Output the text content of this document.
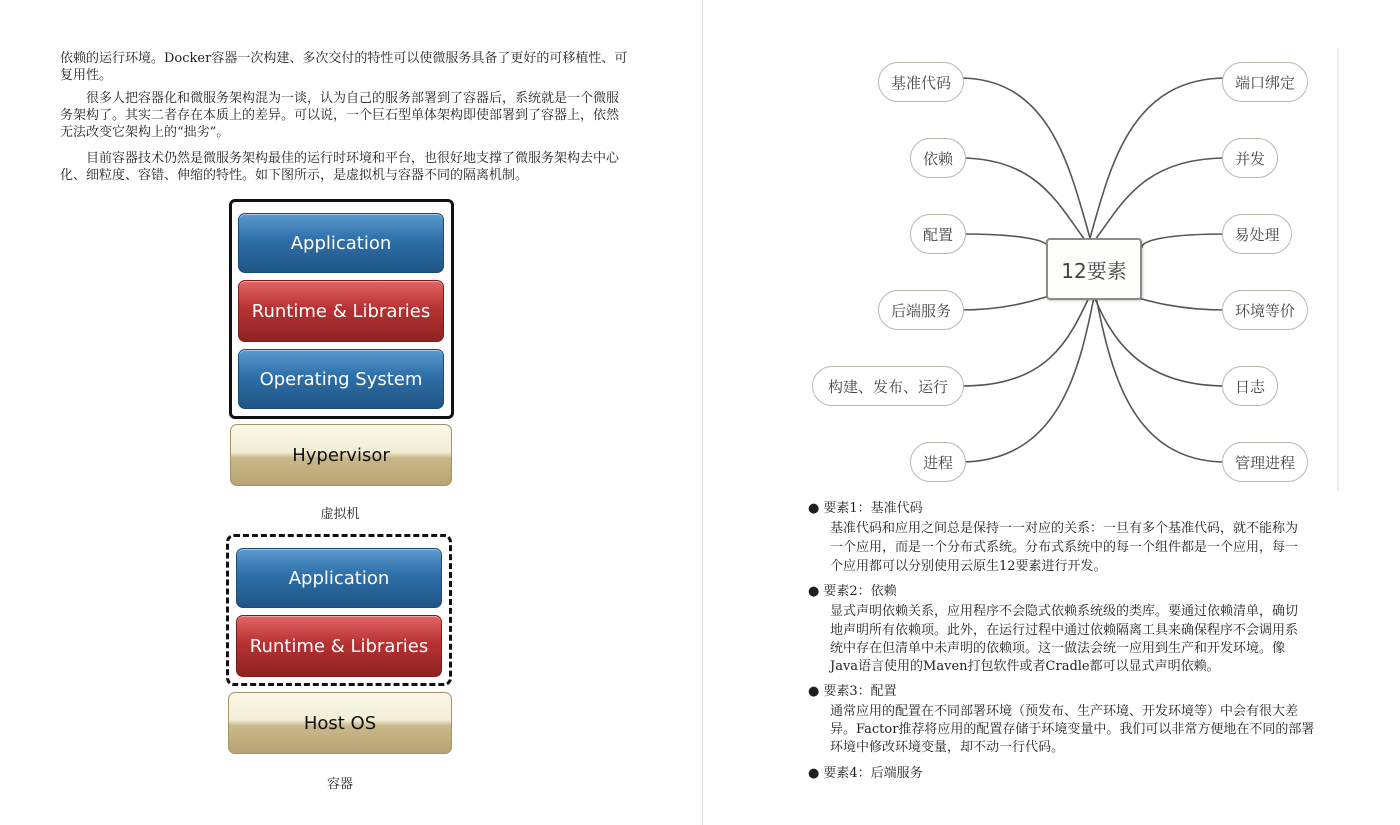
依赖的运行环境。Docker容器一次构建、多次交付的特性可以使微服务具备了更好的可移植性、可复用性。

很多人把容器化和微服务架构混为一谈，认为自己的服务部署到了容器后，系统就是一个微服务架构了。其实二者存在本质上的差异。可以说，一个巨石型单体架构即使部署到了容器上，依然无法改变它架构上的“拙劣”。

目前容器技术仍然是微服务架构最佳的运行时环境和平台，也很好地支撑了微服务架构去中心化、细粒度、容错、伸缩的特性。如下图所示，是虚拟机与容器不同的隔离机制。

Application
Runtime & Libraries
Operating System
Hypervisor
虚拟机
Application
Runtime & Libraries
Host OS
容器
12要素
基准代码
依赖
配置
后端服务
构建、发布、运行
进程
端口绑定
并发
易处理
环境等价
日志
管理进程
● 要素1：基准代码
基准代码和应用之间总是保持一一对应的关系：一旦有多个基准代码，就不能称为
一个应用，而是一个分布式系统。分布式系统中的每一个组件都是一个应用，每一
个应用都可以分别使用云原生12要素进行开发。
● 要素2：依赖
显式声明依赖关系，应用程序不会隐式依赖系统级的类库。要通过依赖清单，确切
地声明所有依赖项。此外，在运行过程中通过依赖隔离工具来确保程序不会调用系
统中存在但清单中未声明的依赖项。这一做法会统一应用到生产和开发环境。像
Java语言使用的Maven打包软件或者Cradle都可以显式声明依赖。
● 要素3：配置
通常应用的配置在不同部署环境（预发布、生产环境、开发环境等）中会有很大差
异。Factor推荐将应用的配置存储于环境变量中。我们可以非常方便地在不同的部署
环境中修改环境变量，却不动一行代码。
● 要素4：后端服务
